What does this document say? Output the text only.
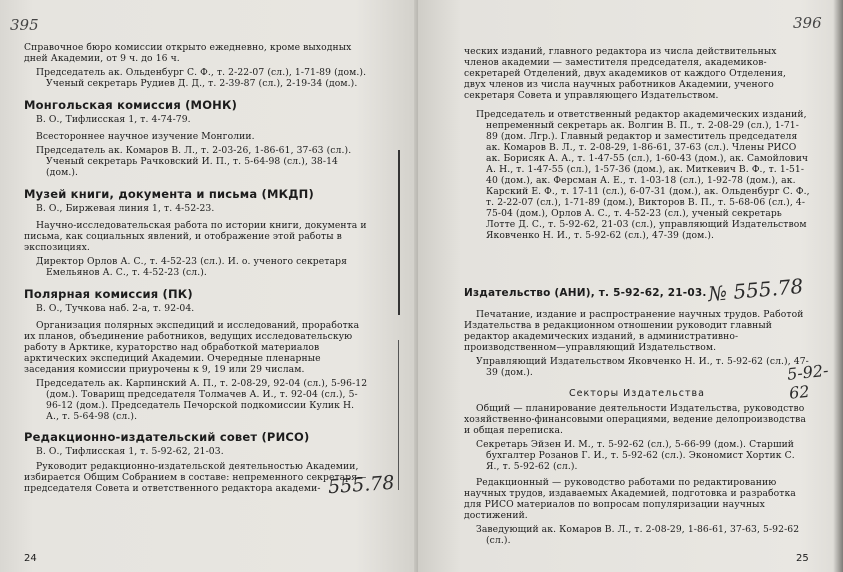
395

Справочное бюро комиссии открыто ежедневно, кроме выходных дней Академии, от 9 ч. до 16 ч.

Председатель ак. Ольденбург С. Ф., т. 2-22-07 (сл.), 1-71-89 (дом.). Ученый секретарь Рудиев Д. Д., т. 2-39-87 (сл.), 2-19-34 (дом.).

Монгольская комиссия (МОНК)

В. О., Тифлисская 1, т. 4-74-79.

Всестороннее научное изучение Монголии.

Председатель ак. Комаров В. Л., т. 2-03-26, 1-86-61, 37-63 (сл.). Ученый секретарь Рачковский И. П., т. 5-64-98 (сл.), 38-14 (дом.).

Музей книги, документа и письма (МКДП)

В. О., Биржевая линия 1, т. 4-52-23.

Научно-исследовательская работа по истории книги, документа и письма, как социальных явлений, и отображение этой работы в экспозициях.

Директор Орлов А. С., т. 4-52-23 (сл.). И. о. ученого секретаря Емельянов А. С., т. 4-52-23 (сл.).

Полярная комиссия (ПК)

В. О., Тучкова наб. 2-а, т. 92-04.

Организация полярных экспедиций и исследований, проработка их планов, объединение работников, ведущих исследовательскую работу в Арктике, кураторство над обработкой материалов арктических экспедиций Академии. Очередные пленарные заседания комиссии приурочены к 9, 19 или 29 числам.

Председатель ак. Карпинский А. П., т. 2-08-29, 92-04 (сл.), 5-96-12 (дом.). Товарищ председателя Толмачев А. И., т. 92-04 (сл.), 5-96-12 (дом.). Председатель Печорской подкомиссии Кулик Н. А., т. 5-64-98 (сл.).

Редакционно-издательский совет (РИСО)

В. О., Тифлисская 1, т. 5-92-62, 21-03.

Руководит редакционно-издательской деятельностью Академии, избирается Общим Собранием в составе: непременного секретаря—председателя Совета и ответственного редактора академи- 555.78
24
396

ческих изданий, главного редактора из числа действительных членов академии — заместителя председателя, академиков-секретарей Отделений, двух академиков от каждого Отделения, двух членов из числа научных работников Академии, ученого секретаря Совета и управляющего Издательством.

Председатель и ответственный редактор академических изданий, непременный секретарь ак. Волгин В. П., т. 2-08-29 (сл.), 1-71-89 (дом. Лгр.). Главный редактор и заместитель председателя ак. Комаров В. Л., т. 2-08-29, 1-86-61, 37-63 (сл.). Члены РИСО ак. Борисяк А. А., т. 1-47-55 (сл.), 1-60-43 (дом.), ак. Самойлович А. Н., т. 1-47-55 (сл.), 1-57-36 (дом.), ак. Миткевич В. Ф., т. 1-51-40 (дом.), ак. Ферсман А. Е., т. 1-03-18 (сл.), 1-92-78 (дом.), ак. Карский Е. Ф., т. 17-11 (сл.), 6-07-31 (дом.), ак. Ольденбург С. Ф., т. 2-22-07 (сл.), 1-71-89 (дом.), Викторов В. П., т. 5-68-06 (сл.), 4-75-04 (дом.), Орлов А. С., т. 4-52-23 (сл.), ученый секретарь Лотте Д. С., т. 5-92-62, 21-03 (сл.), управляющий Издательством Яковченко Н. И., т. 5-92-62 (сл.), 47-39 (дом.).

Издательство (АНИ), т. 5-92-62, 21-03.

Печатание, издание и распространение научных трудов. Работой Издательства в редакционном отношении руководит главный редактор академических изданий, в административно-производственном—управляющий Издательством.

Управляющий Издательством Яковченко Н. И., т. 5-92-62 (сл.), 47-39 (дом.).

Секторы Издательства

Общий — планирование деятельности Издательства, руководство хозяйственно-финансовыми операциями, ведение делопроизводства и общая переписка.

Секретарь Эйзен И. М., т. 5-92-62 (сл.), 5-66-99 (дом.). Старший бухгалтер Розанов Г. И., т. 5-92-62 (сл.). Экономист Хортик С. Я., т. 5-92-62 (сл.).

Редакционный — руководство работами по редактированию научных трудов, издаваемых Академией, подготовка и разработка для РИСО материалов по вопросам популяризации научных достижений.

Заведующий ак. Комаров В. Л., т. 2-08-29, 1-86-61, 37-63, 5-92-62 (сл.).

№ 555.78
5-92-62
25
